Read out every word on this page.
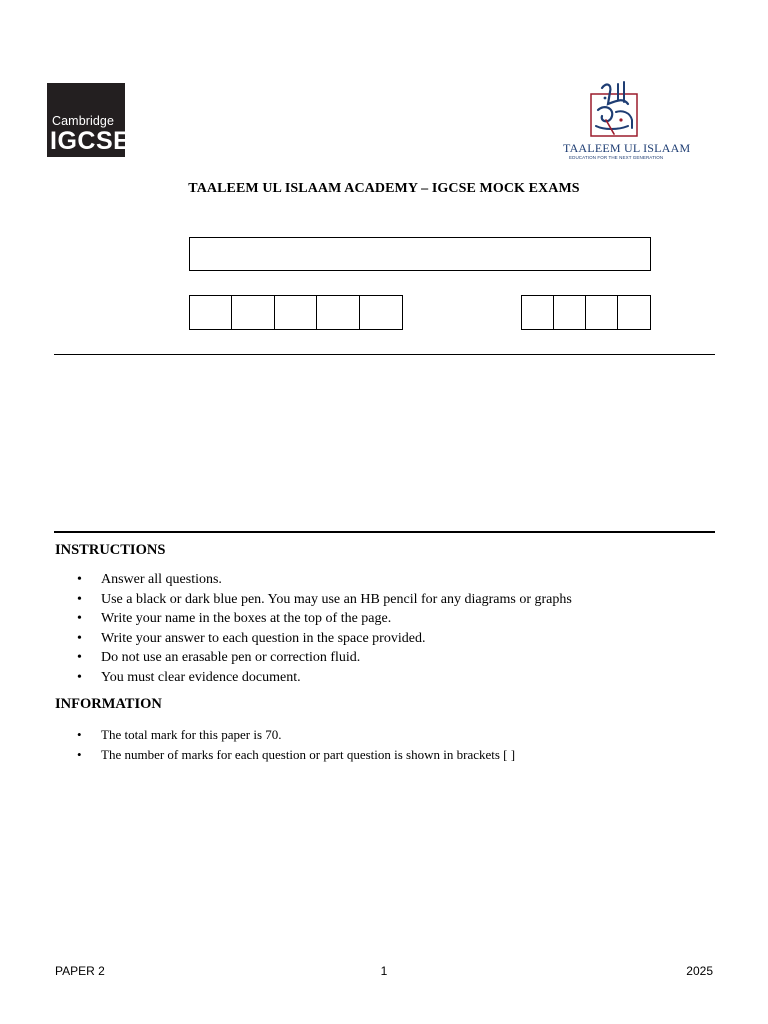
Cambridge
IGCSE	TAALEEM UL ISLAAM
EDUCATION FOR THE NEXT GENERATION
TAALEEM UL ISLAAM ACADEMY – IGCSE MOCK EXAMS
INSTRUCTIONS
• Answer all questions.
• Use a black or dark blue pen. You may use an HB pencil for any diagrams or graphs
• Write your name in the boxes at the top of the page.
• Write your answer to each question in the space provided.
• Do not use an erasable pen or correction fluid.
• You must clear evidence document.
INFORMATION
• The total mark for this paper is 70.
• The number of marks for each question or part question is shown in brackets [ ]
PAPER 2	1	2025
